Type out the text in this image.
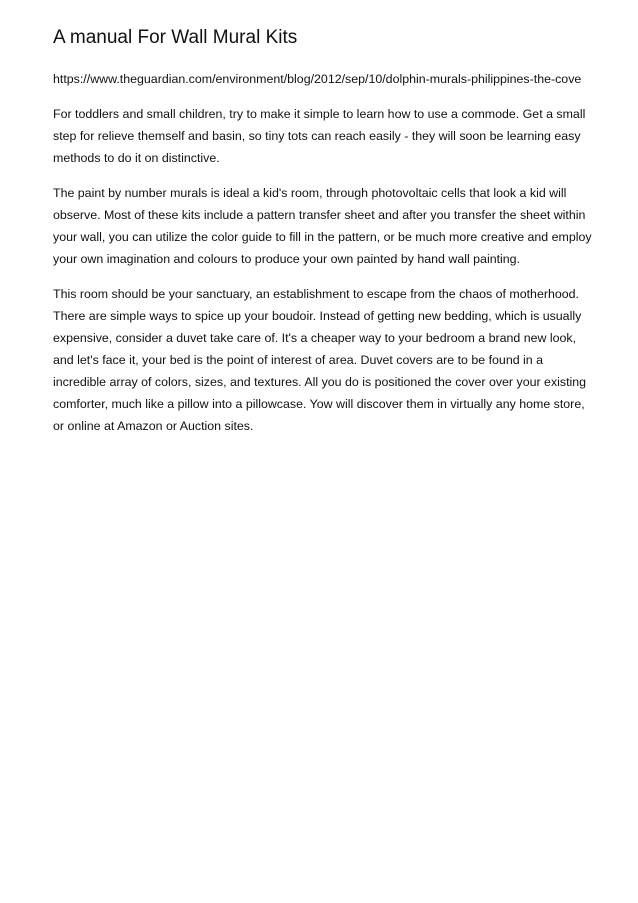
A manual For Wall Mural Kits
https://www.theguardian.com/environment/blog/2012/sep/10/dolphin-murals-philippines-the-cove

For toddlers and small children, try to make it simple to learn how to use a commode. Get a small step for relieve themself and basin, so tiny tots can reach easily - they will soon be learning easy methods to do it on distinctive.

The paint by number murals is ideal a kid's room, through photovoltaic cells that look a kid will observe. Most of these kits include a pattern transfer sheet and after you transfer the sheet within your wall, you can utilize the color guide to fill in the pattern, or be much more creative and employ your own imagination and colours to produce your own painted by hand wall painting.

This room should be your sanctuary, an establishment to escape from the chaos of motherhood. There are simple ways to spice up your boudoir. Instead of getting new bedding, which is usually expensive, consider a duvet take care of. It's a cheaper way to your bedroom a brand new look, and let's face it, your bed is the point of interest of area. Duvet covers are to be found in a incredible array of colors, sizes, and textures. All you do is positioned the cover over your existing comforter, much like a pillow into a pillowcase. Yow will discover them in virtually any home store, or online at Amazon or Auction sites.
